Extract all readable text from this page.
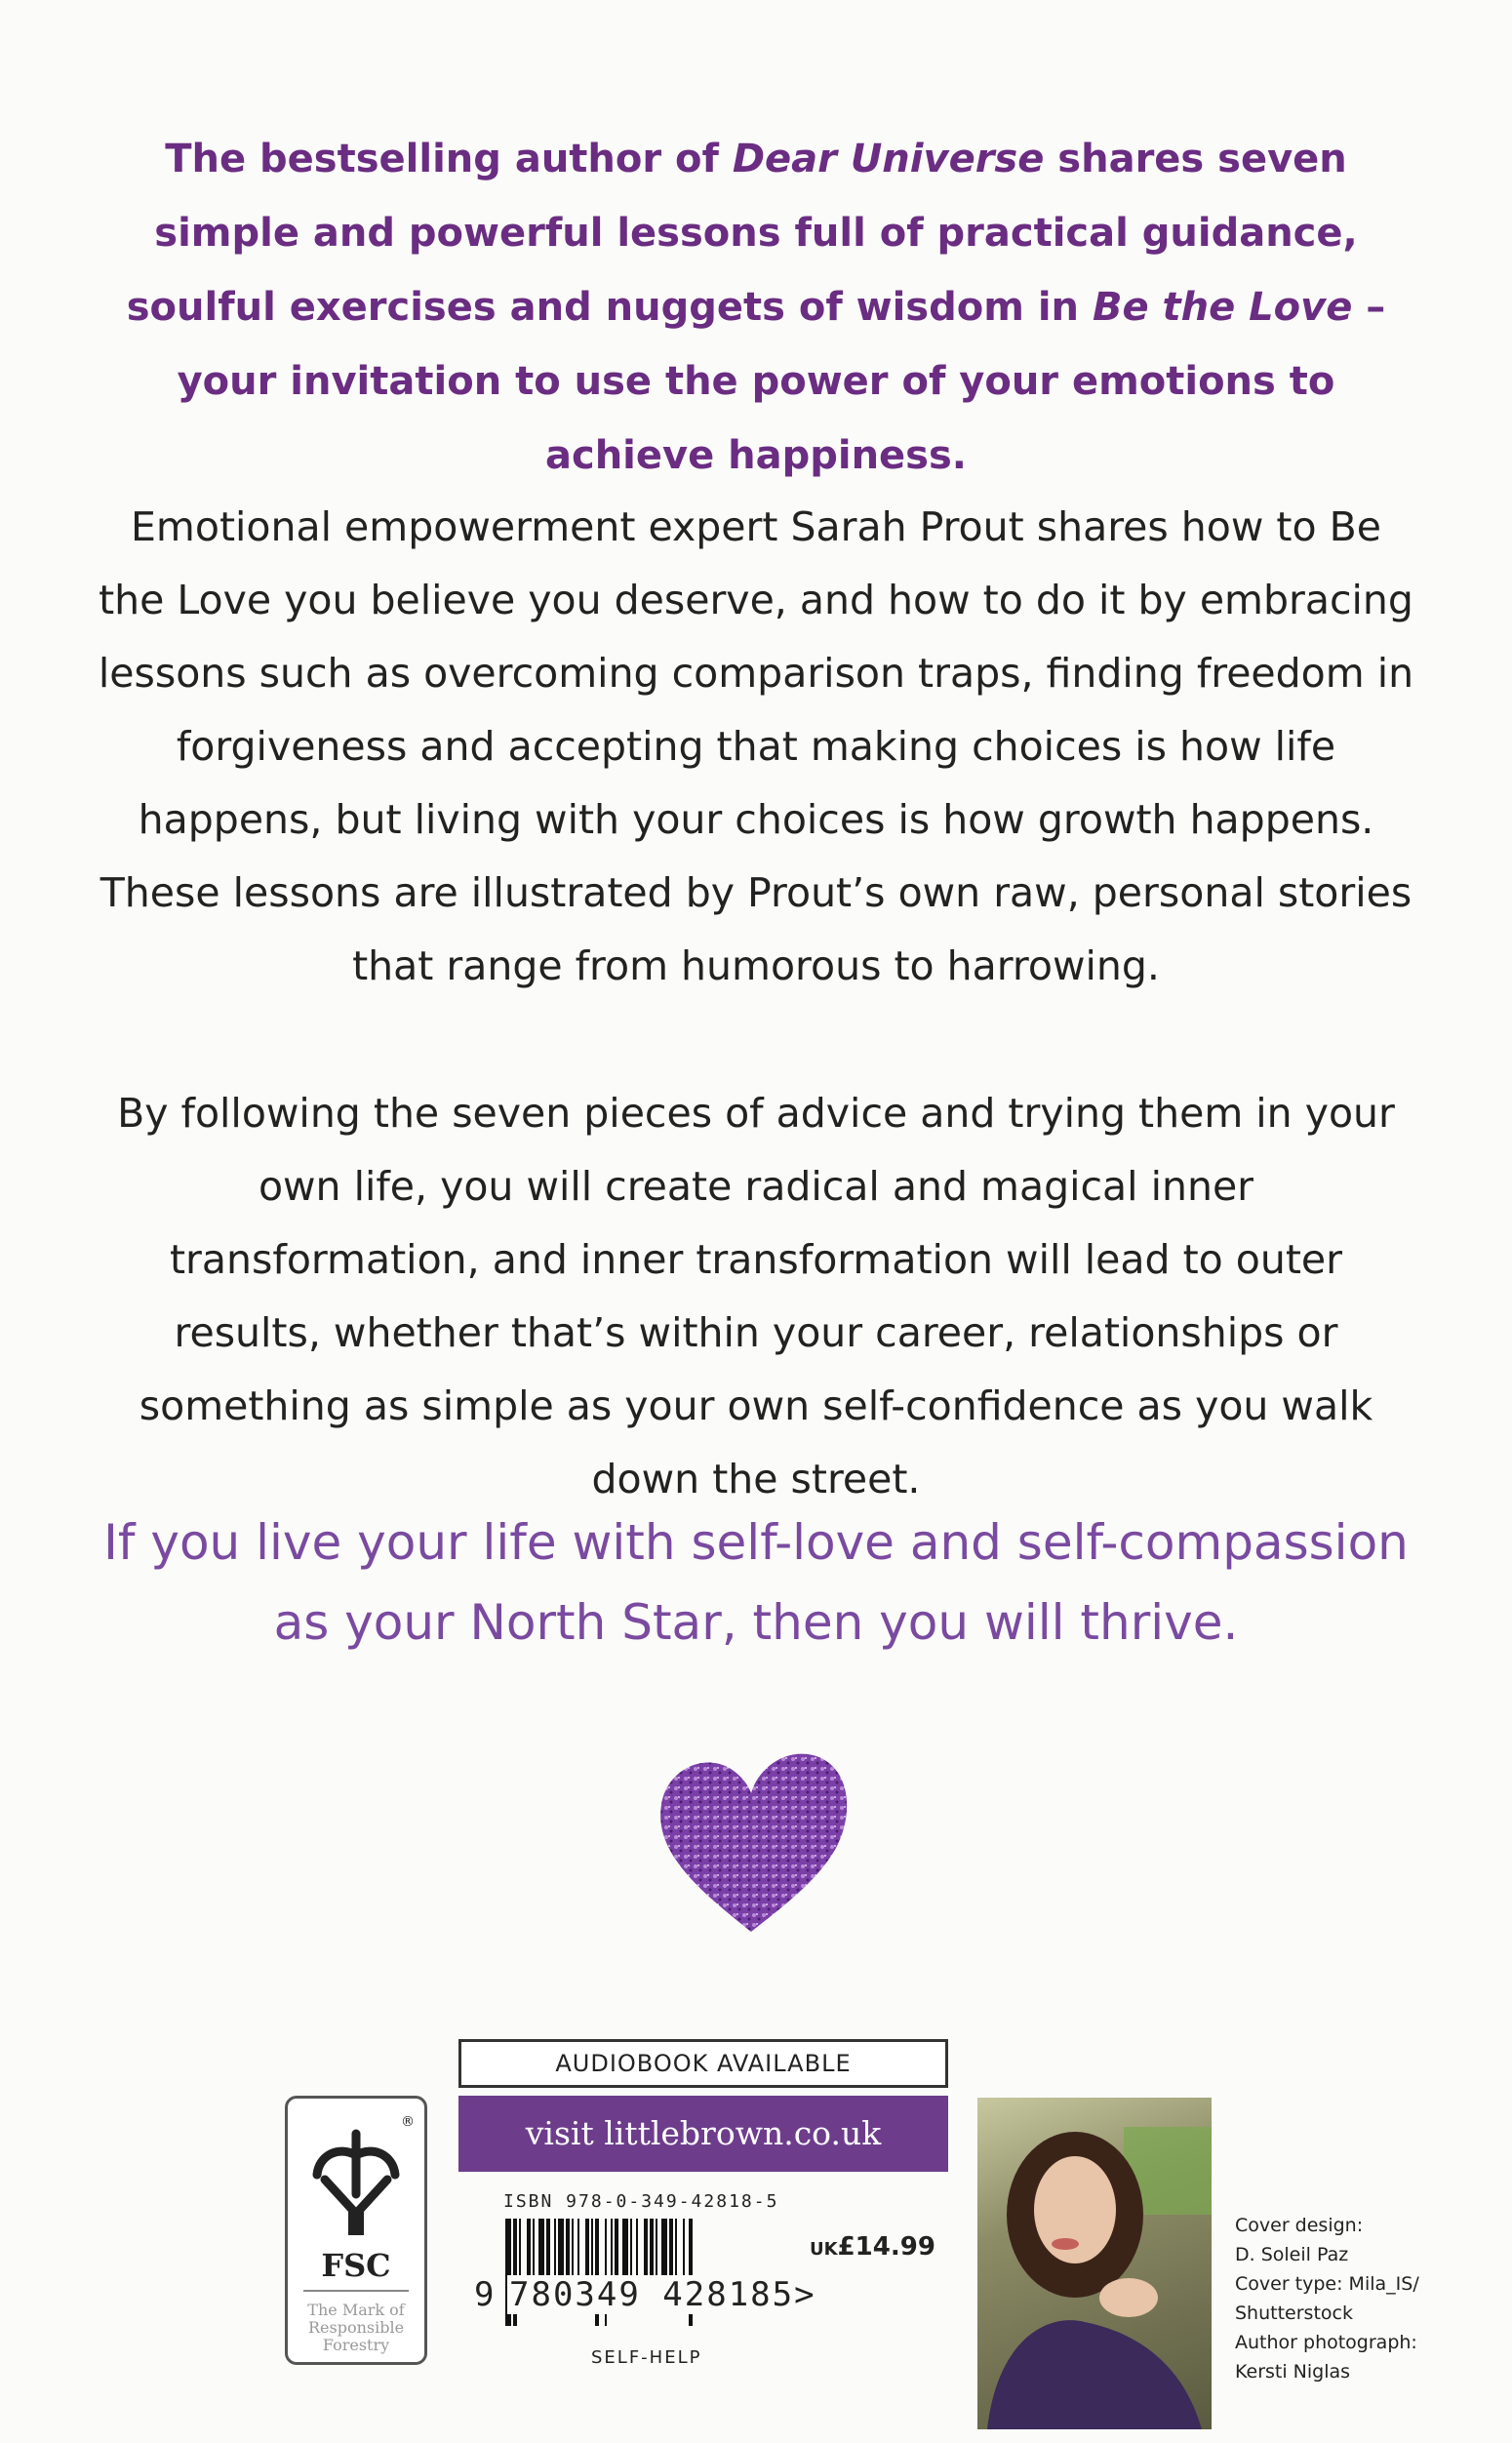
The bestselling author of Dear Universe shares seven simple and powerful lessons full of practical guidance, soulful exercises and nuggets of wisdom in Be the Love – your invitation to use the power of your emotions to achieve happiness.
Emotional empowerment expert Sarah Prout shares how to Be the Love you believe you deserve, and how to do it by embracing lessons such as overcoming comparison traps, finding freedom in forgiveness and accepting that making choices is how life happens, but living with your choices is how growth happens. These lessons are illustrated by Prout’s own raw, personal stories that range from humorous to harrowing.
By following the seven pieces of advice and trying them in your own life, you will create radical and magical inner transformation, and inner transformation will lead to outer results, whether that’s within your career, relationships or something as simple as your own self-confidence as you walk down the street.
If you live your life with self-love and self-compassion as your North Star, then you will thrive.
AUDIOBOOK AVAILABLE
visit littlebrown.co.uk
®
FSC
The Mark of Responsible Forestry
ISBN 978-0-349-42818-5
9 780349 428185>
UK£14.99
SELF-HELP
Cover design:
D. Soleil Paz
Cover type: Mila_IS/
Shutterstock
Author photograph:
Kersti Niglas
